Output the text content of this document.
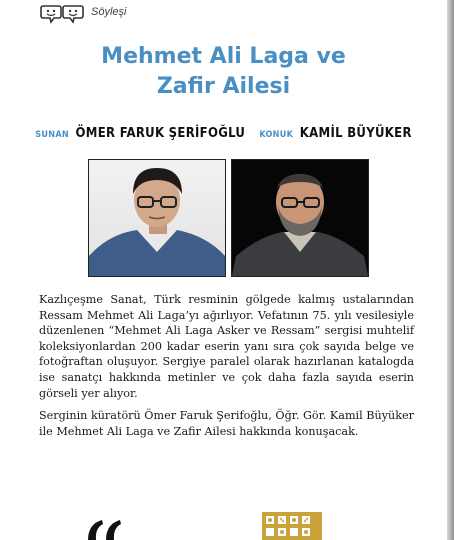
Söyleşi
Mehmet Ali Laga ve
Zafir Ailesi
SUNAN ÖMER FARUK ŞERİFOĞLU KONUK KAMİL BÜYÜKER

Kazlıçeşme Sanat, Türk resminin gölgede kalmış ustalarından Ressam Mehmet Ali Laga’yı ağırlıyor. Vefatının 75. yılı vesilesiyle düzenlenen “Mehmet Ali Laga Asker ve Ressam” sergisi muhtelif koleksiyonlardan 200 kadar eserin yanı sıra çok sayıda belge ve fotoğraftan oluşuyor. Sergiye paralel olarak hazırlanan katalogda ise sanatçı hakkında metinler ve çok daha fazla sayıda eserin görseli yer alıyor.

Serginin küratörü Ömer Faruk Şerifoğlu, Öğr. Gör. Kamil Büyüker ile Mehmet Ali Laga ve Zafir Ailesi hakkında konuşacak.
